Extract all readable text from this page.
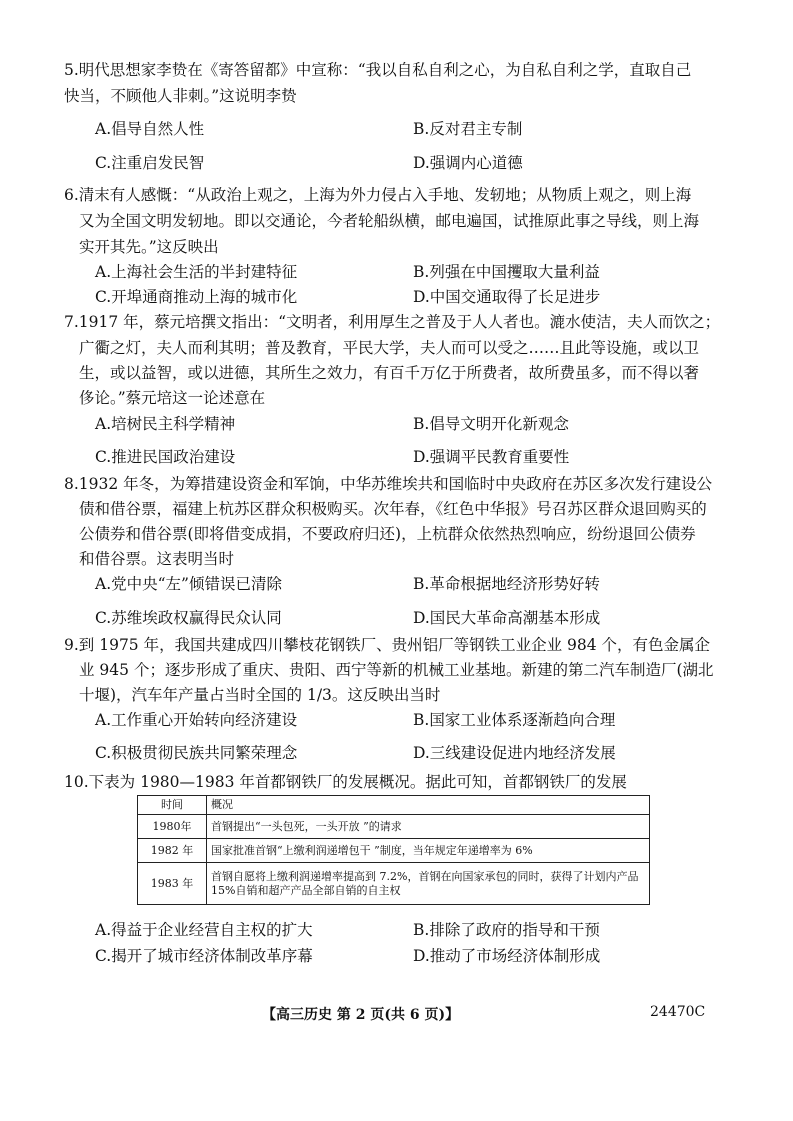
5.明代思想家李贽在《寄答留都》中宣称：“我以自私自利之心，为自私自利之学，直取自己
快当，不顾他人非刺。”这说明李贽
A.倡导自然人性	B.反对君主专制
C.注重启发民智	D.强调内心道德
6.清末有人感慨：“从政治上观之，上海为外力侵占入手地、发轫地；从物质上观之，则上海
又为全国文明发轫地。即以交通论，今者轮船纵横，邮电遍国，试推原此事之导线，则上海
实开其先。”这反映出
A.上海社会生活的半封建特征	B.列强在中国攫取大量利益
C.开埠通商推动上海的城市化	D.中国交通取得了长足进步
7.1917 年，蔡元培撰文指出：“文明者，利用厚生之普及于人人者也。漉水使洁，夫人而饮之；
广衢之灯，夫人而利其明；普及教育，平民大学，夫人而可以受之……且此等设施，或以卫
生，或以益智，或以进德，其所生之效力，有百千万亿于所费者，故所费虽多，而不得以奢
侈论。”蔡元培这一论述意在
A.培树民主科学精神	B.倡导文明开化新观念
C.推进民国政治建设	D.强调平民教育重要性
8.1932 年冬，为筹措建设资金和军饷，中华苏维埃共和国临时中央政府在苏区多次发行建设公
债和借谷票，福建上杭苏区群众积极购买。次年春，《红色中华报》号召苏区群众退回购买的
公债券和借谷票(即将借变成捐，不要政府归还)，上杭群众依然热烈响应，纷纷退回公债券
和借谷票。这表明当时
A.党中央“左”倾错误已清除	B.革命根据地经济形势好转
C.苏维埃政权赢得民众认同	D.国民大革命高潮基本形成
9.到 1975 年，我国共建成四川攀枝花钢铁厂、贵州铝厂等钢铁工业企业 984 个，有色金属企
业 945 个；逐步形成了重庆、贵阳、西宁等新的机械工业基地。新建的第二汽车制造厂(湖北
十堰)，汽车年产量占当时全国的 1/3。这反映出当时
A.工作重心开始转向经济建设	B.国家工业体系逐渐趋向合理
C.积极贯彻民族共同繁荣理念	D.三线建设促进内地经济发展
10.下表为 1980—1983 年首都钢铁厂的发展概况。据此可知，首都钢铁厂的发展
时间	概况
1980年	首钢提出“一头包死，一头开放 ”的请求
1982 年	国家批准首钢“上缴利润递增包干 ”制度，当年规定年递增率为 6%
1983 年	首钢自愿将上缴利润递增率提高到 7.2%，首钢在向国家承包的同时，获得了计划内产品 15%自销和超产产品全部自销的自主权
A.得益于企业经营自主权的扩大	B.排除了政府的指导和干预
C.揭开了城市经济体制改革序幕	D.推动了市场经济体制形成
【高三历史 第 2 页(共 6 页)】	24470C
